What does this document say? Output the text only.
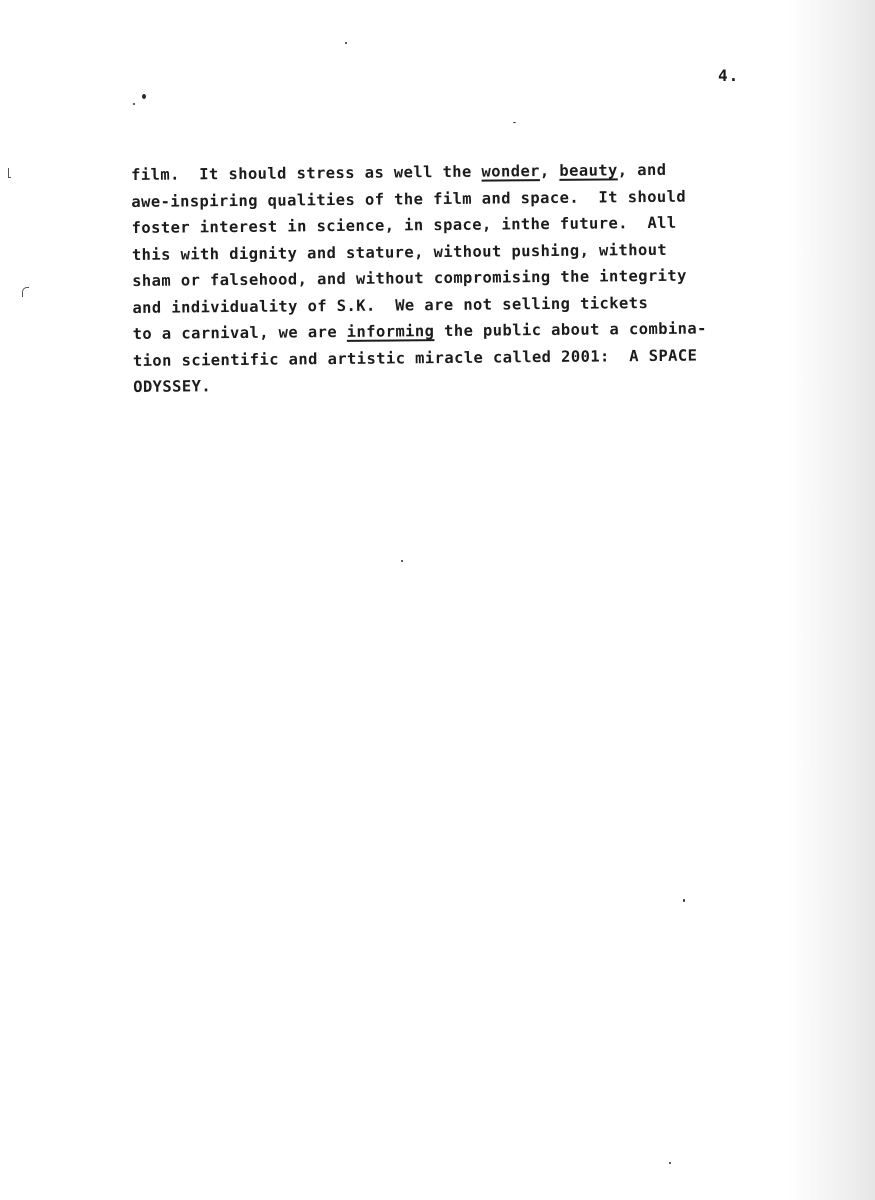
4.
film.  It should stress as well the wonder, beauty, and
awe-inspiring qualities of the film and space.  It should
foster interest in science, in space, inthe future.  All
this with dignity and stature, without pushing, without
sham or falsehood, and without compromising the integrity
and individuality of S.K.  We are not selling tickets
to a carnival, we are informing the public about a combina-
tion scientific and artistic miracle called 2001:  A SPACE
ODYSSEY.
